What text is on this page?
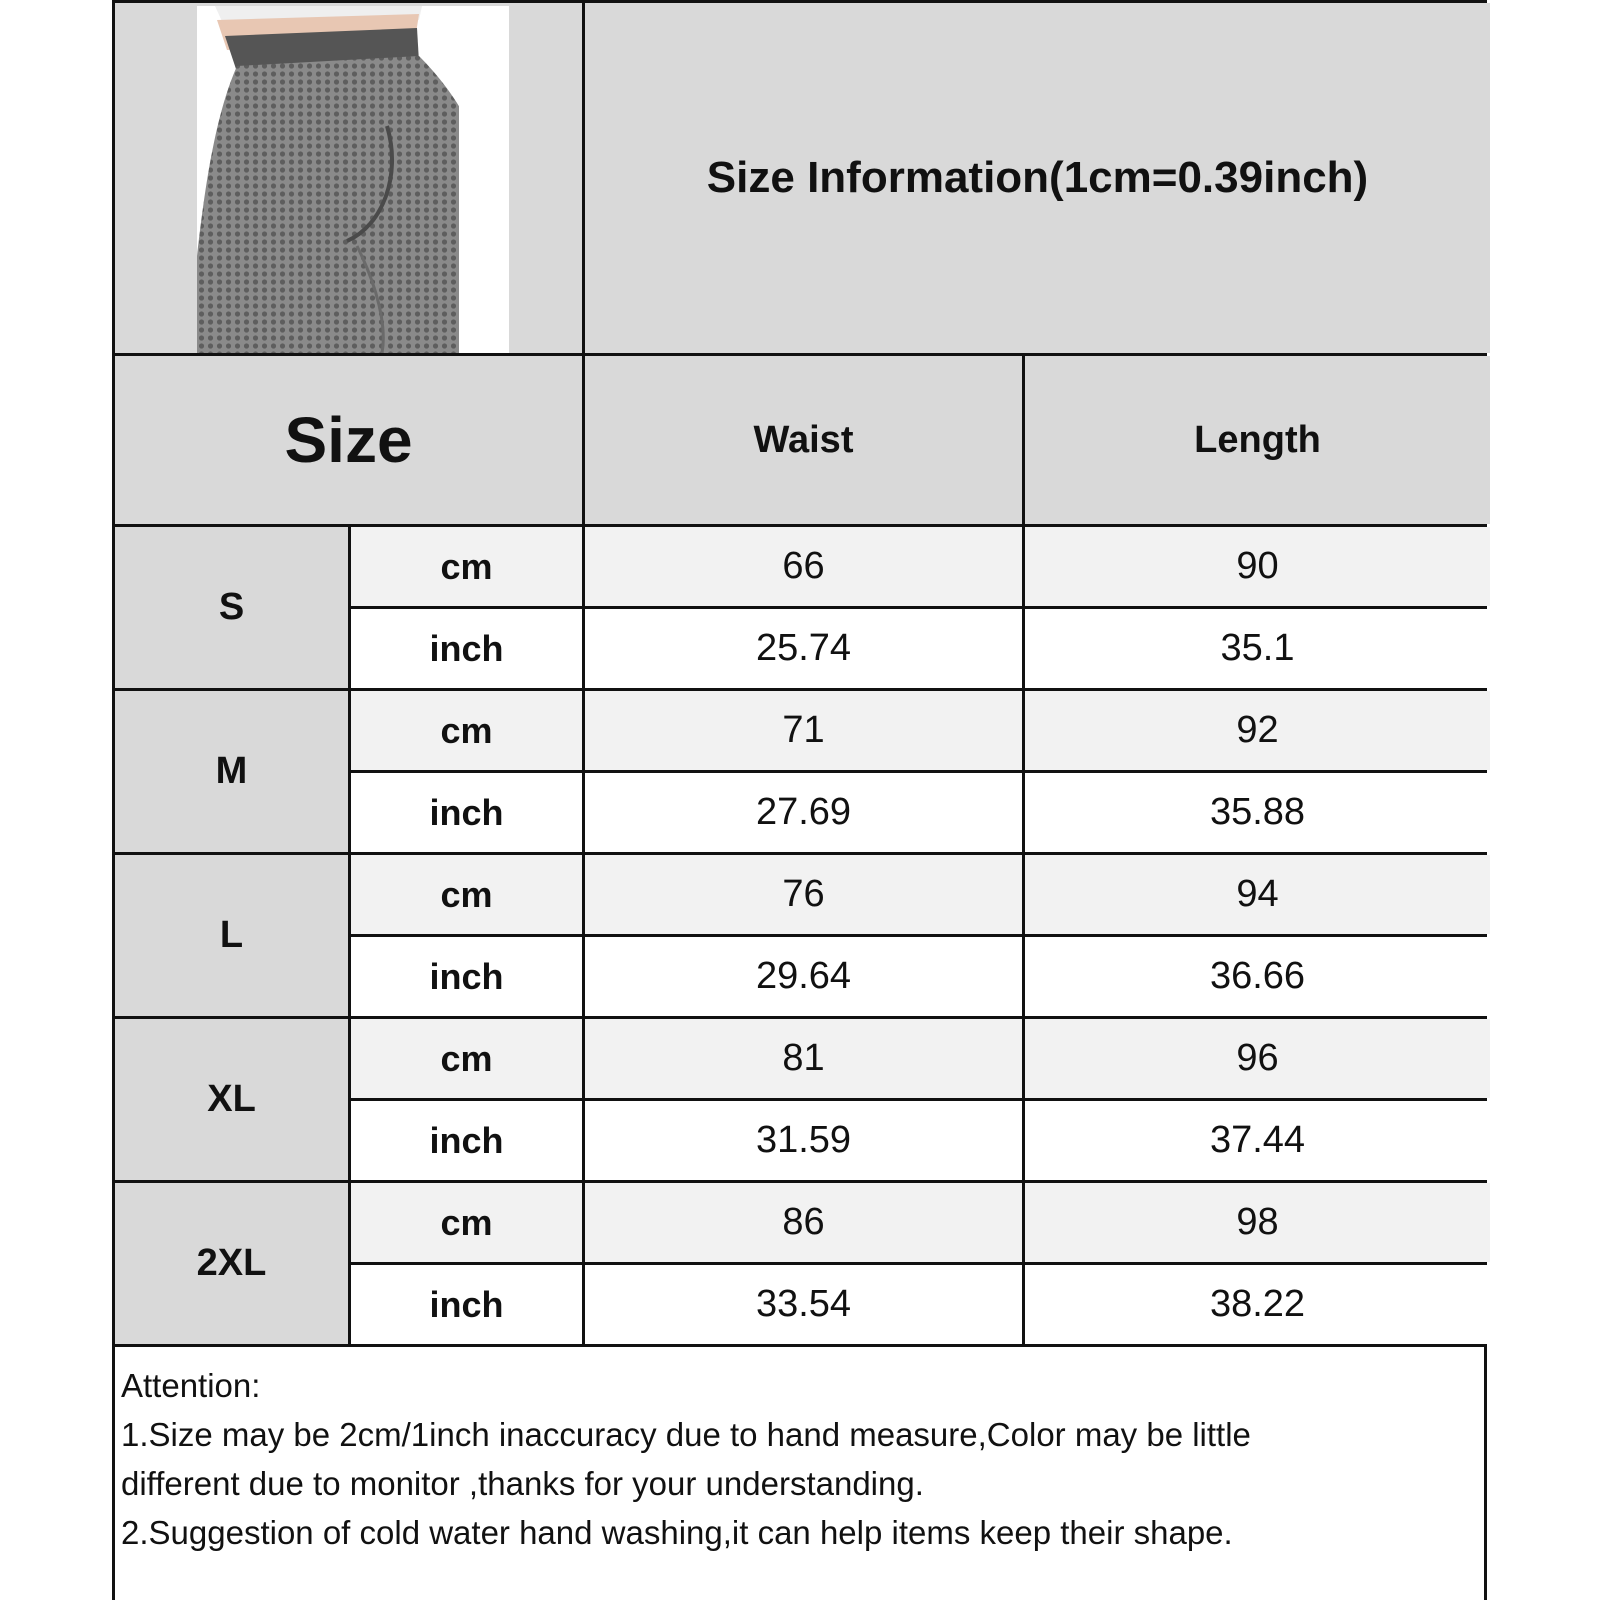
Size Information(1cm=0.39inch)
Size	Waist	Length
S
cm	66	90
inch	25.74	35.1
M
cm	71	92
inch	27.69	35.88
L
cm	76	94
inch	29.64	36.66
XL
cm	81	96
inch	31.59	37.44
2XL
cm	86	98
inch	33.54	38.22
Attention:
1.Size may be 2cm/1inch inaccuracy due to hand measure,Color may be little
different due to monitor ,thanks for your understanding.
2.Suggestion of cold water hand washing,it can help items keep their shape.
